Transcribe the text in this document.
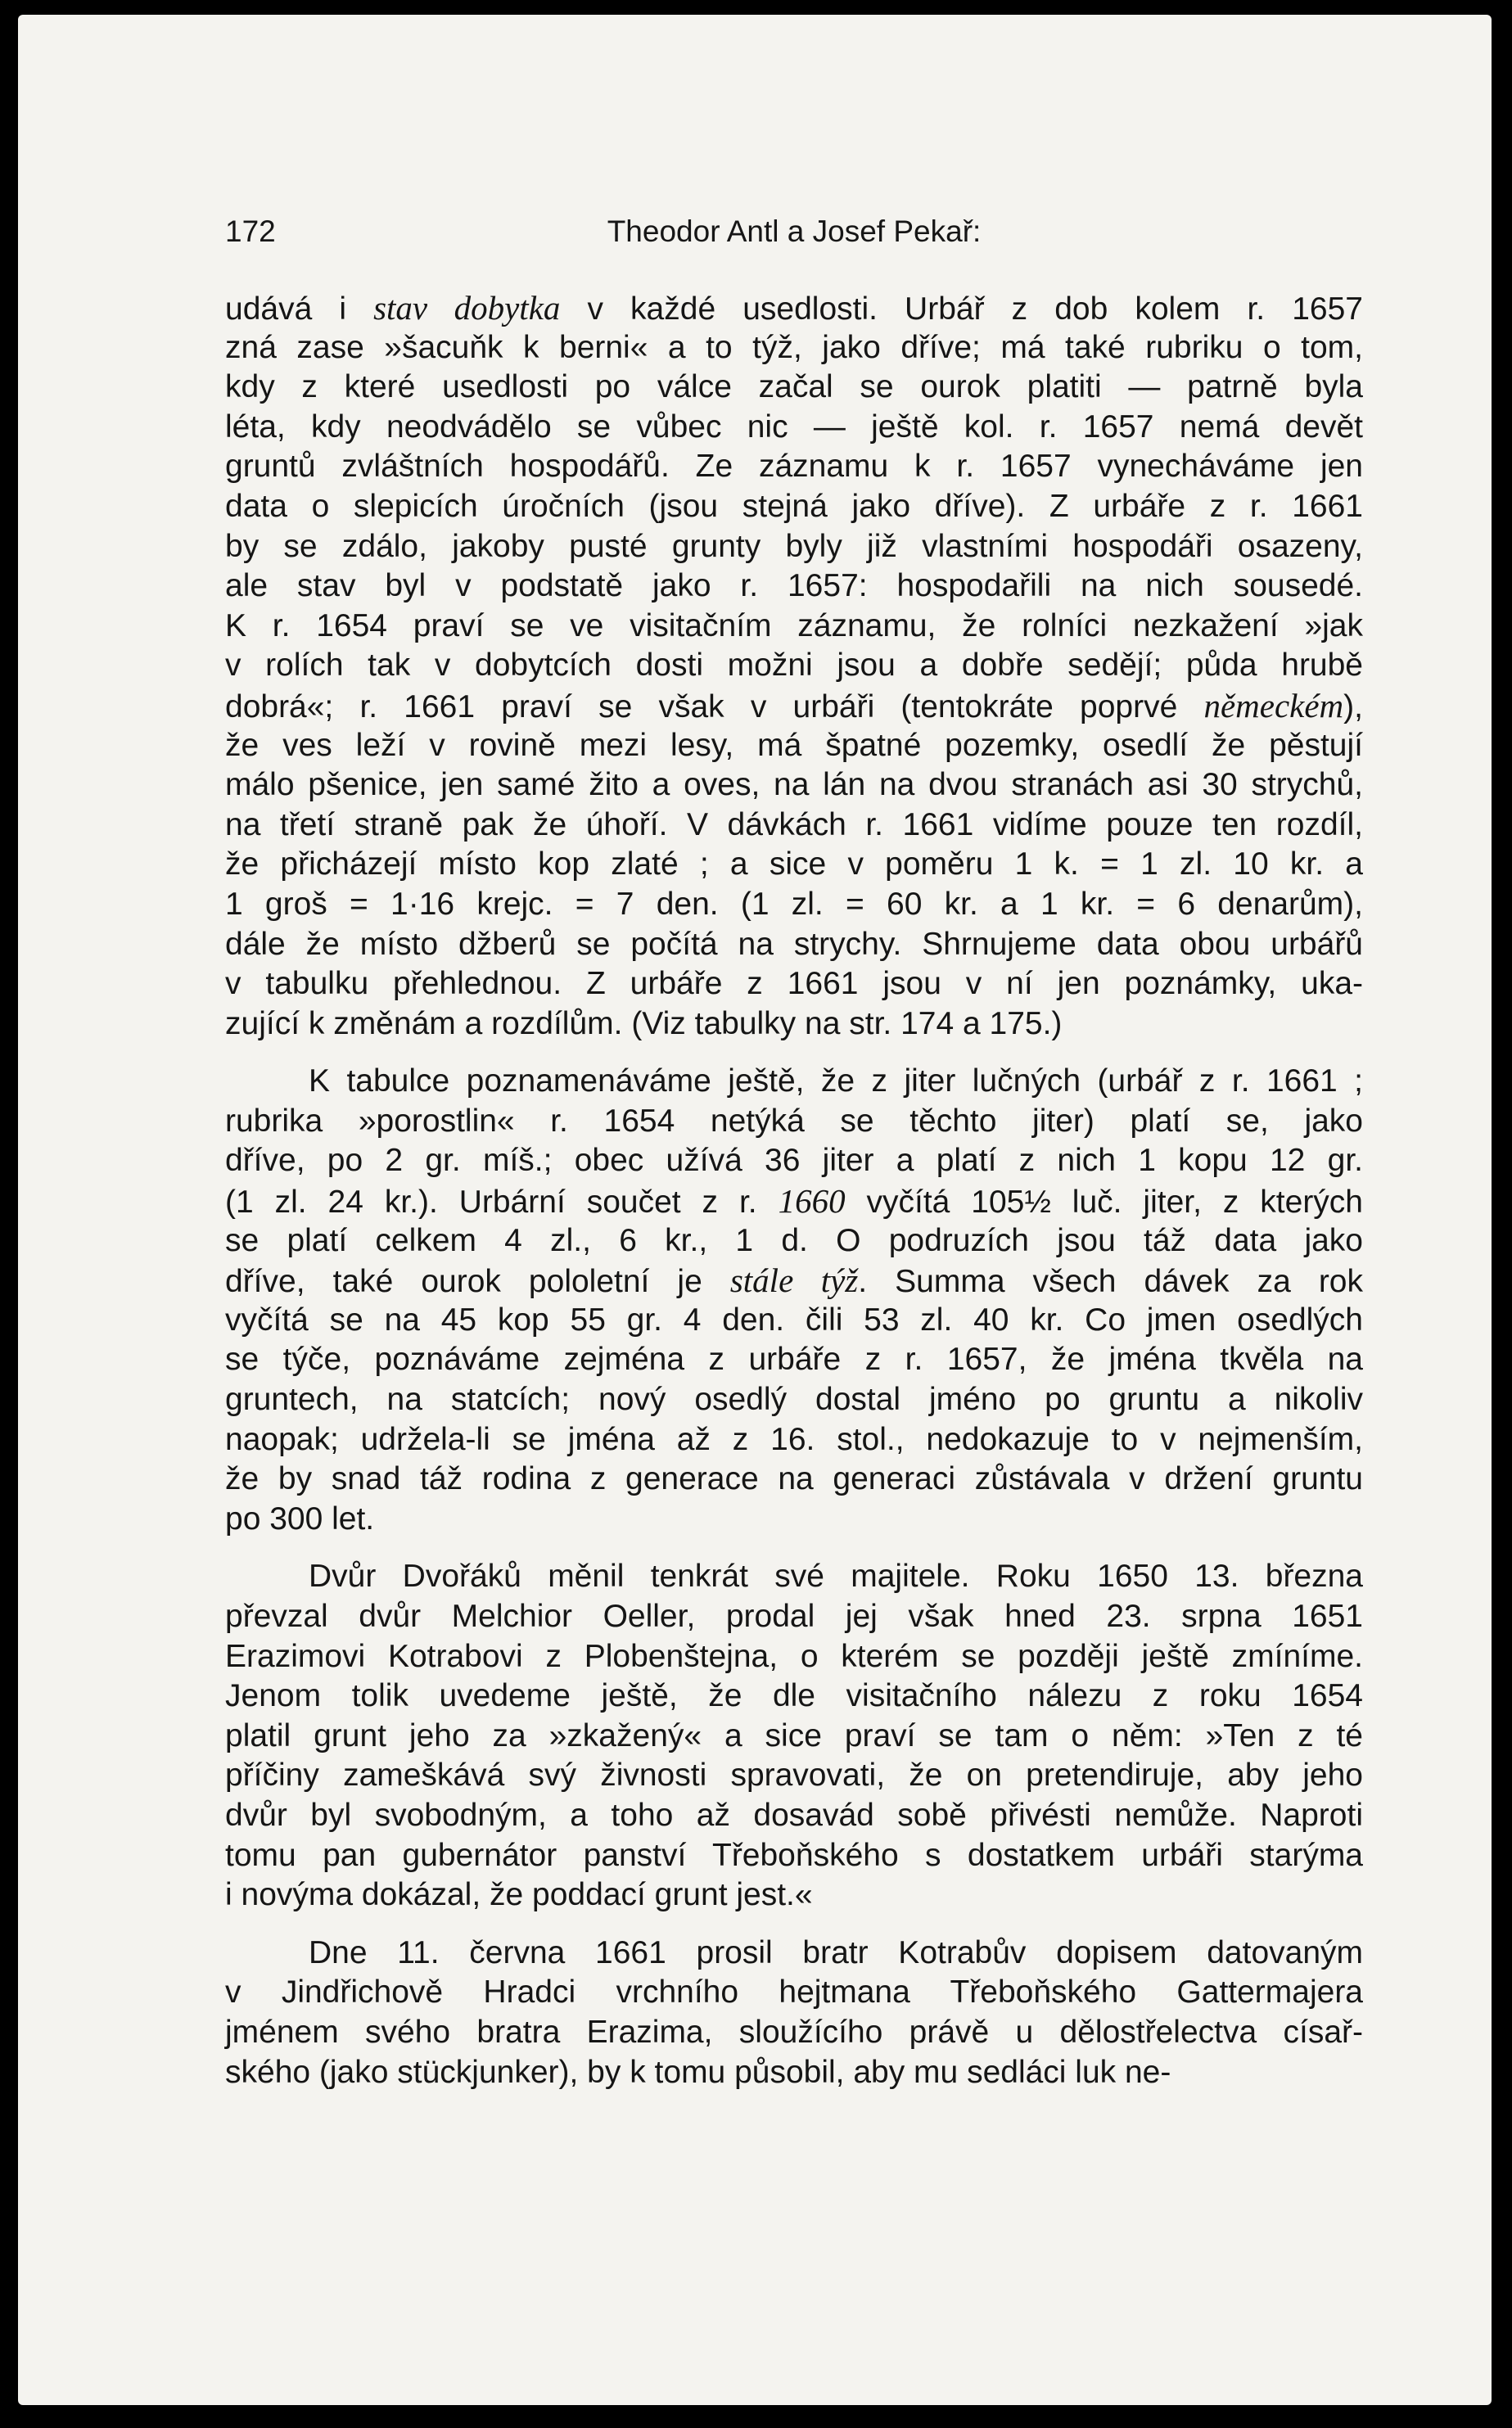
172	Theodor Antl a Josef Pekař:
udává i stav dobytka v každé usedlosti. Urbář z dob kolem r. 1657
zná zase »šacuňk k berni« a to týž, jako dříve; má také rubriku o tom,
kdy z které usedlosti po válce začal se ourok platiti — patrně byla
léta, kdy neodvádělo se vůbec nic — ještě kol. r. 1657 nemá devět
gruntů zvláštních hospodářů. Ze záznamu k r. 1657 vynecháváme jen
data o slepicích úročních (jsou stejná jako dříve). Z urbáře z r. 1661
by se zdálo, jakoby pusté grunty byly již vlastními hospodáři osazeny,
ale stav byl v podstatě jako r. 1657: hospodařili na nich sousedé.
K r. 1654 praví se ve visitačním záznamu, že rolníci nezkažení »jak
v rolích tak v dobytcích dosti možni jsou a dobře sedějí; půda hrubě
dobrá«; r. 1661 praví se však v urbáři (tentokráte poprvé německém),
že ves leží v rovině mezi lesy, má špatné pozemky, osedlí že pěstují
málo pšenice, jen samé žito a oves, na lán na dvou stranách asi 30 strychů,
na třetí straně pak že úhoří. V dávkách r. 1661 vidíme pouze ten rozdíl,
že přicházejí místo kop zlaté ; a sice v poměru 1 k. = 1 zl. 10 kr. a
1 groš = 1·16 krejc. = 7 den. (1 zl. = 60 kr. a 1 kr. = 6 denarům),
dále že místo džberů se počítá na strychy. Shrnujeme data obou urbářů
v tabulku přehlednou. Z urbáře z 1661 jsou v ní jen poznámky, uka-
zující k změnám a rozdílům. (Viz tabulky na str. 174 a 175.)
K tabulce poznamenáváme ještě, že z jiter lučných (urbář z r. 1661 ;
rubrika »porostlin« r. 1654 netýká se těchto jiter) platí se, jako
dříve, po 2 gr. míš.; obec užívá 36 jiter a platí z nich 1 kopu 12 gr.
(1 zl. 24 kr.). Urbární součet z r. 1660 vyčítá 105½ luč. jiter, z kterých
se platí celkem 4 zl., 6 kr., 1 d. O podruzích jsou táž data jako
dříve, také ourok pololetní je stále týž. Summa všech dávek za rok
vyčítá se na 45 kop 55 gr. 4 den. čili 53 zl. 40 kr. Co jmen osedlých
se týče, poznáváme zejména z urbáře z r. 1657, že jména tkvěla na
gruntech, na statcích; nový osedlý dostal jméno po gruntu a nikoliv
naopak; udržela-li se jména až z 16. stol., nedokazuje to v nejmenším,
že by snad táž rodina z generace na generaci zůstávala v držení gruntu
po 300 let.
Dvůr Dvořáků měnil tenkrát své majitele. Roku 1650 13. března
převzal dvůr Melchior Oeller, prodal jej však hned 23. srpna 1651
Erazimovi Kotrabovi z Plobenštejna, o kterém se později ještě zmíníme.
Jenom tolik uvedeme ještě, že dle visitačního nálezu z roku 1654
platil grunt jeho za »zkažený« a sice praví se tam o něm: »Ten z té
příčiny zameškává svý živnosti spravovati, že on pretendiruje, aby jeho
dvůr byl svobodným, a toho až dosavád sobě přivésti nemůže. Naproti
tomu pan gubernátor panství Třeboňského s dostatkem urbáři starýma
i novýma dokázal, že poddací grunt jest.«
Dne 11. června 1661 prosil bratr Kotrabův dopisem datovaným
v Jindřichově Hradci vrchního hejtmana Třeboňského Gattermajera
jménem svého bratra Erazima, sloužícího právě u dělostřelectva císař-
ského (jako stückjunker), by k tomu působil, aby mu sedláci luk ne-
